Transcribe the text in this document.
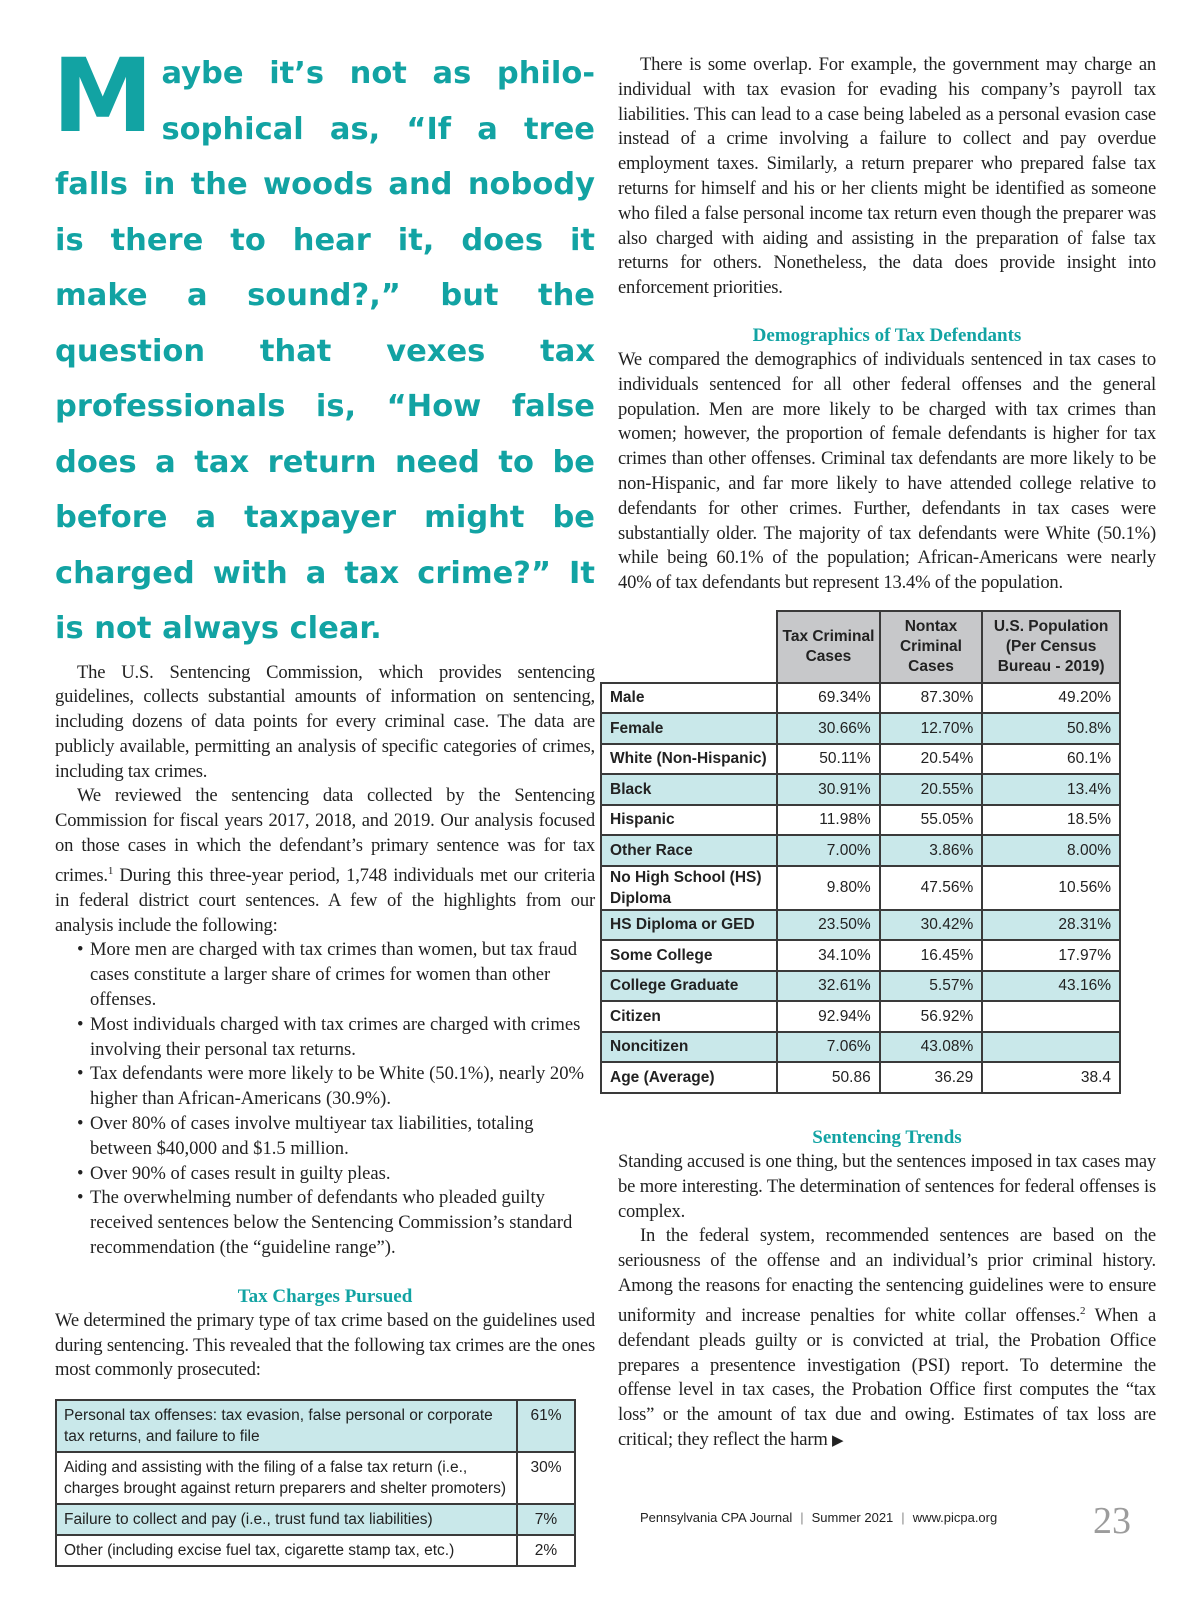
Maybe it’s not as philo-sophical as, “If a tree falls in the woods and nobody is there to hear it, does it make a sound?,” but the question that vexes tax professionals is, “How false does a tax return need to be before a taxpayer might be charged with a tax crime?” It is not always clear.

The U.S. Sentencing Commission, which provides sentencing guidelines, collects substantial amounts of information on sentencing, including dozens of data points for every criminal case. The data are publicly available, permitting an analysis of specific categories of crimes, including tax crimes.

We reviewed the sentencing data collected by the Sentencing Commission for fiscal years 2017, 2018, and 2019. Our analysis focused on those cases in which the defendant’s primary sentence was for tax crimes.$^1$ During this three-year period, 1,748 individuals met our criteria in federal district court sentences. A few of the highlights from our analysis include the following:

• More men are charged with tax crimes than women, but tax fraud cases constitute a larger share of crimes for women than other offenses.
• Most individuals charged with tax crimes are charged with crimes involving their personal tax returns.
• Tax defendants were more likely to be White (50.1%), nearly 20% higher than African-Americans (30.9%).
• Over 80% of cases involve multiyear tax liabilities, totaling between $40,000 and $1.5 million.
• Over 90% of cases result in guilty pleas.
• The overwhelming number of defendants who pleaded guilty received sentences below the Sentencing Commission’s standard recommendation (the “guideline range”).
Tax Charges Pursued

We determined the primary type of tax crime based on the guidelines used during sentencing. This revealed that the following tax crimes are the ones most commonly prosecuted:

Personal tax offenses: tax evasion, false personal or corporate tax returns, and failure to file	61%
Aiding and assisting with the filing of a false tax return (i.e., charges brought against return preparers and shelter promoters)	30%
Failure to collect and pay (i.e., trust fund tax liabilities)	7%
Other (including excise fuel tax, cigarette stamp tax, etc.)	2%

There is some overlap. For example, the government may charge an individual with tax evasion for evading his company’s payroll tax liabilities. This can lead to a case being labeled as a personal evasion case instead of a crime involving a failure to collect and pay overdue employment taxes. Similarly, a return preparer who prepared false tax returns for himself and his or her clients might be identified as someone who filed a false personal income tax return even though the preparer was also charged with aiding and assisting in the preparation of false tax returns for others. Nonetheless, the data does provide insight into enforcement priorities.

Demographics of Tax Defendants

We compared the demographics of individuals sentenced in tax cases to individuals sentenced for all other federal offenses and the general population. Men are more likely to be charged with tax crimes than women; however, the proportion of female defendants is higher for tax crimes than other offenses. Criminal tax defendants are more likely to be non-Hispanic, and far more likely to have attended college relative to defendants for other crimes. Further, defendants in tax cases were substantially older. The majority of tax defendants were White (50.1%) while being 60.1% of the population; African-Americans were nearly 40% of tax defendants but represent 13.4% of the population.

	Tax Criminal Cases	Nontax Criminal Cases	U.S. Population (Per Census Bureau - 2019)
Male	69.34%	87.30%	49.20%
Female	30.66%	12.70%	50.8%
White (Non-Hispanic)	50.11%	20.54%	60.1%
Black	30.91%	20.55%	13.4%
Hispanic	11.98%	55.05%	18.5%
Other Race	7.00%	3.86%	8.00%
No High School (HS) Diploma	9.80%	47.56%	10.56%
HS Diploma or GED	23.50%	30.42%	28.31%
Some College	34.10%	16.45%	17.97%
College Graduate	32.61%	5.57%	43.16%
Citizen	92.94%	56.92%	
Noncitizen	7.06%	43.08%	
Age (Average)	50.86	36.29	38.4
Sentencing Trends

Standing accused is one thing, but the sentences imposed in tax cases may be more interesting. The determination of sentences for federal offenses is complex.

In the federal system, recommended sentences are based on the seriousness of the offense and an individual’s prior criminal history. Among the reasons for enacting the sentencing guidelines were to ensure uniformity and increase penalties for white collar offenses.$^2$ When a defendant pleads guilty or is convicted at trial, the Probation Office prepares a presentence investigation (PSI) report. To determine the offense level in tax cases, the Probation Office first computes the “tax loss” or the amount of tax due and owing. Estimates of tax loss are critical; they reflect the harm ▶

Pennsylvania CPA Journal | Summer 2021 | www.picpa.org	23
